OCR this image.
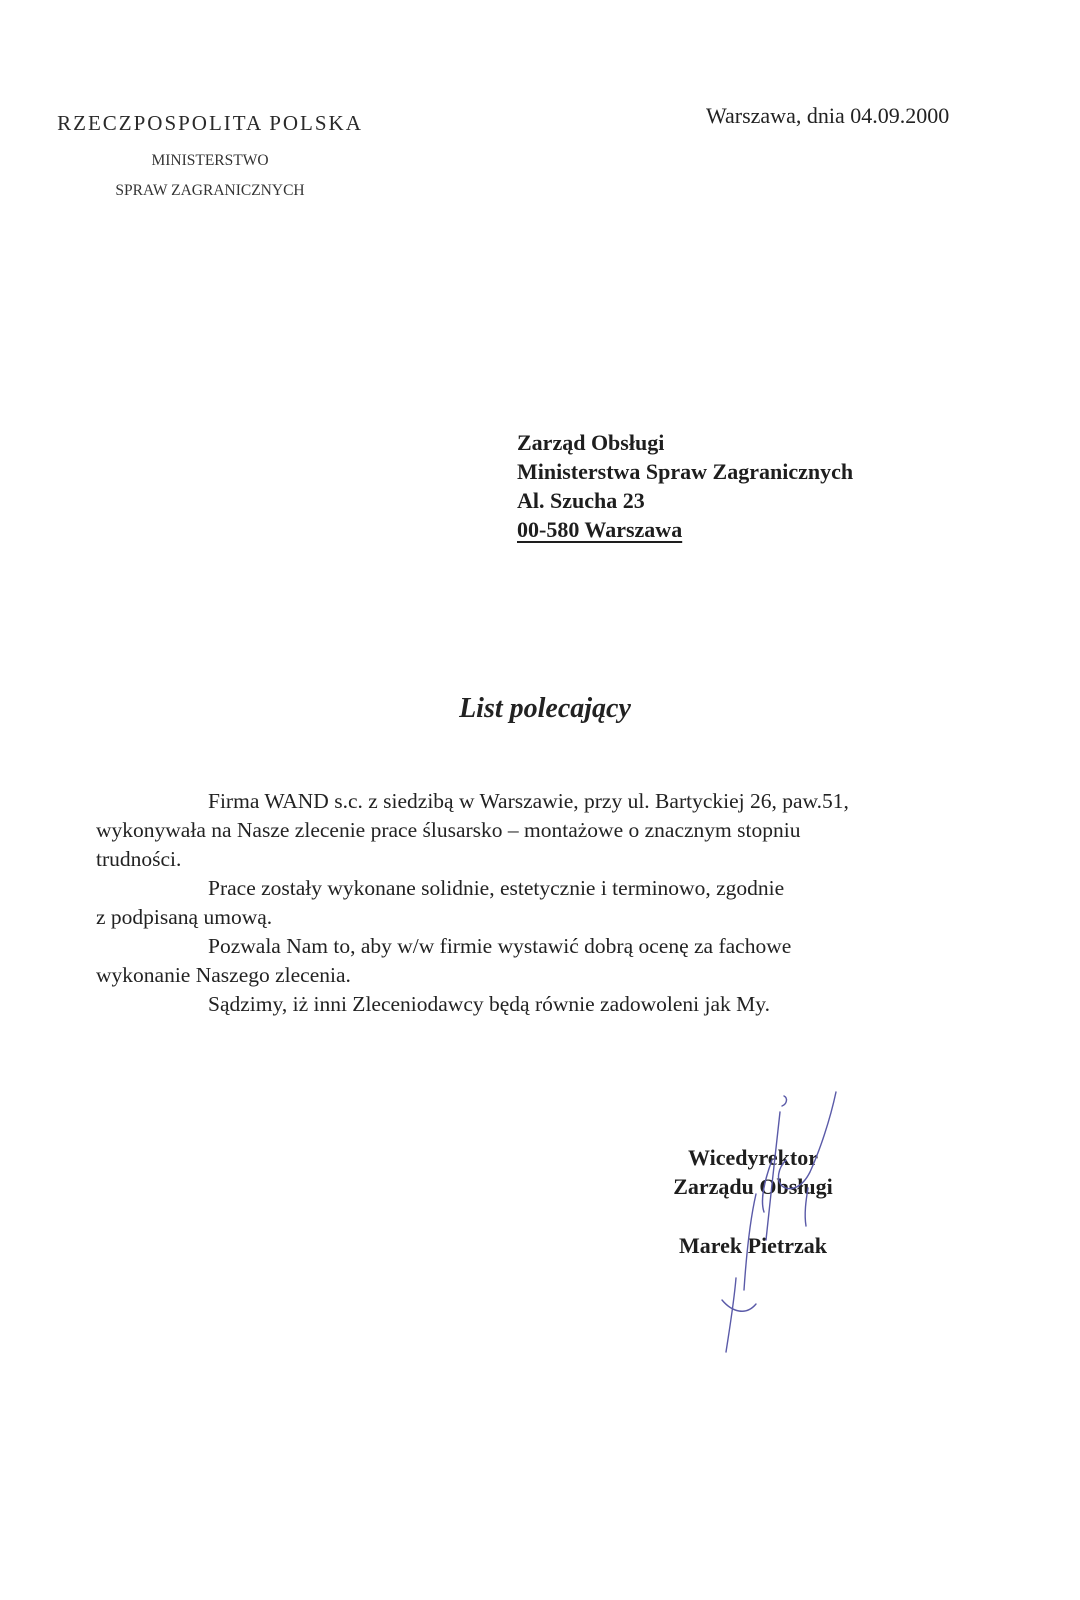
RZECZPOSPOLITA POLSKA

MINISTERSTWO

SPRAW ZAGRANICZNYCH

Warszawa, dnia 04.09.2000
Zarząd Obsługi
Ministerstwa Spraw Zagranicznych
Al. Szucha 23
00-580 Warszawa
List polecający
Firma WAND s.c. z siedzibą w Warszawie, przy ul. Bartyckiej 26, paw.51,
wykonywała na Nasze zlecenie prace ślusarsko – montażowe o znacznym stopniu
trudności.
Prace zostały wykonane solidnie, estetycznie i terminowo, zgodnie
z podpisaną umową.
Pozwala Nam to, aby w/w firmie wystawić dobrą ocenę za fachowe
wykonanie Naszego zlecenia.
Sądzimy, iż inni Zleceniodawcy będą równie zadowoleni jak My.
Wicedyrektor
Zarządu Obsługi
Marek Pietrzak
